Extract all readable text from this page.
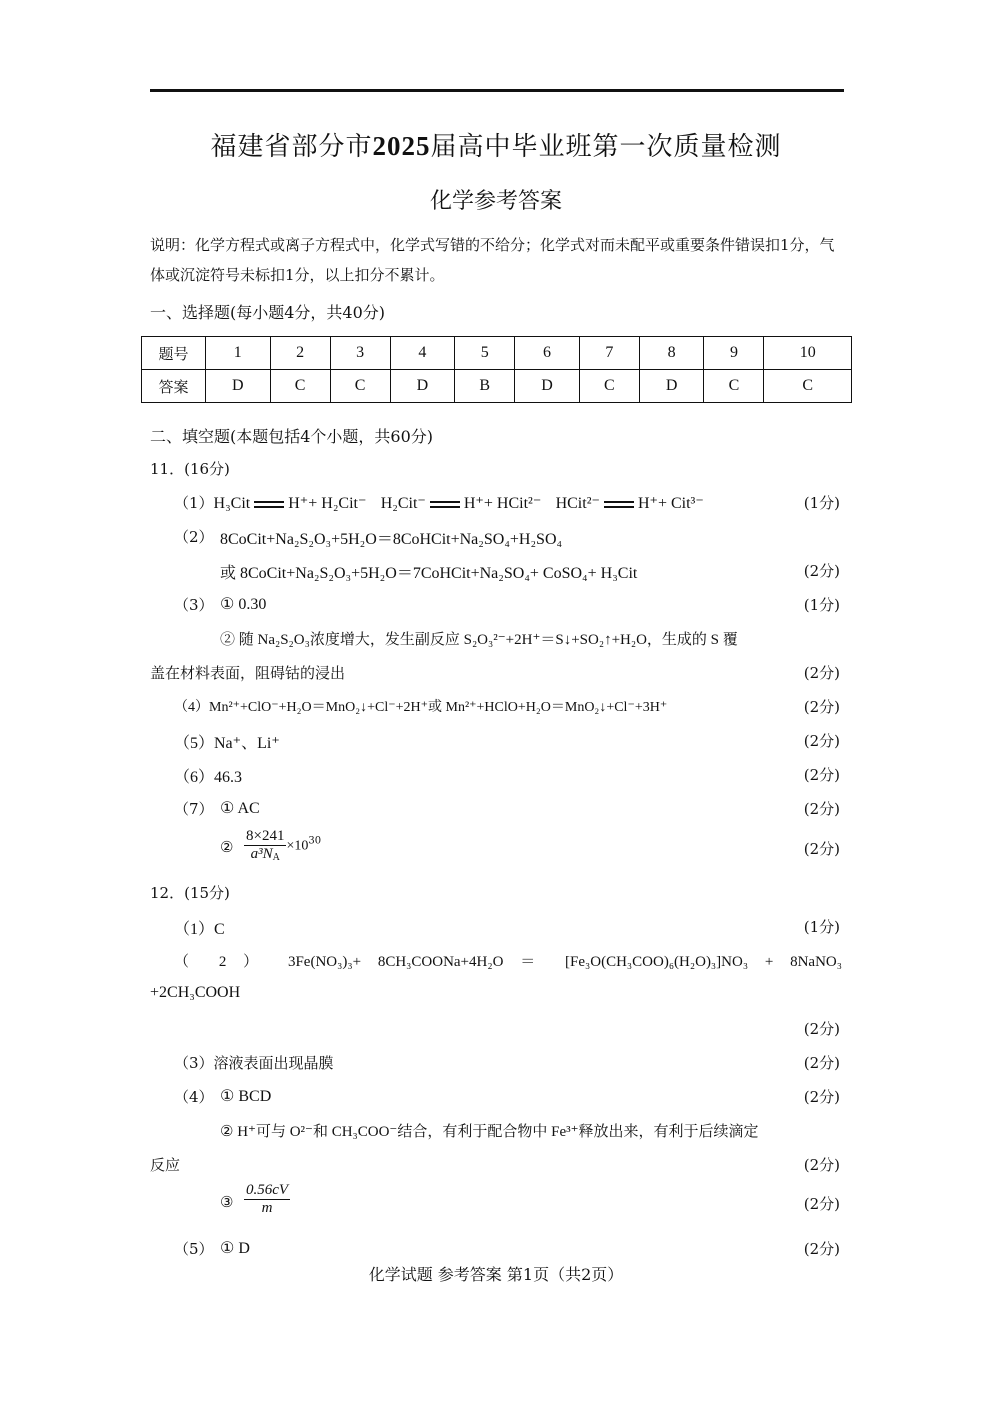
福建省部分市2025届高中毕业班第一次质量检测
化学参考答案
说明：化学方程式或离子方程式中，化学式写错的不给分；化学式对而未配平或重要条件错误扣1分，气体或沉淀符号未标扣1分，以上扣分不累计。
一、选择题(每小题4分，共40分)
题号	1	2	3	4	5	6	7	8	9	10
答案	D	C	C	D	B	D	C	D	C	C
二、填空题(本题包括4个小题，共60分)
11．(16分)
（1）H₃Cit H⁺+ H₂Cit⁻ H₂Cit⁻ H⁺+ HCit²⁻ HCit²⁻ H⁺+ Cit³⁻	(1分)
（2） 8CoCit+Na₂S₂O₃+5H₂O＝8CoHCit+Na₂SO₄+H₂SO₄
或 8CoCit+Na₂S₂O₃+5H₂O＝7CoHCit+Na₂SO₄+ CoSO₄+ H₃Cit	(2分)
（3） ① 0.30	(1分)
② 随 Na₂S₂O₃浓度增大，发生副反应 S₂O₃²⁻+2H⁺＝S↓+SO₂↑+H₂O，生成的 S 覆
盖在材料表面，阻碍钴的浸出	(2分)
（4）Mn²⁺+ClO⁻+H₂O＝MnO₂↓+Cl⁻+2H⁺或 Mn²⁺+HClO+H₂O＝MnO₂↓+Cl⁻+3H⁺	(2分)
（5）Na⁺、Li⁺	(2分)
（6）46.3	(2分)
（7） ① AC	(2分)
② $\frac{8\times 241}{a^3N_A} \times 10^{30}$	(2分)
12．(15分)
（1）C	(1分)
（ 2 ） 3Fe(NO₃)₃+ 8CH₃COONa+4H₂O ＝ [Fe₃O(CH₃COO)₆(H₂O)₃]NO₃ + 8NaNO₃
+2CH₃COOH
(2分)
（3）溶液表面出现晶膜	(2分)
（4） ① BCD	(2分)
② H⁺可与 O²⁻和 CH₃COO⁻结合，有利于配合物中 Fe³⁺释放出来，有利于后续滴定
反应	(2分)
③ $\frac{0.56cV}{m}$	(2分)
（5） ① D	(2分)
化学试题 参考答案 第1页（共2页）
